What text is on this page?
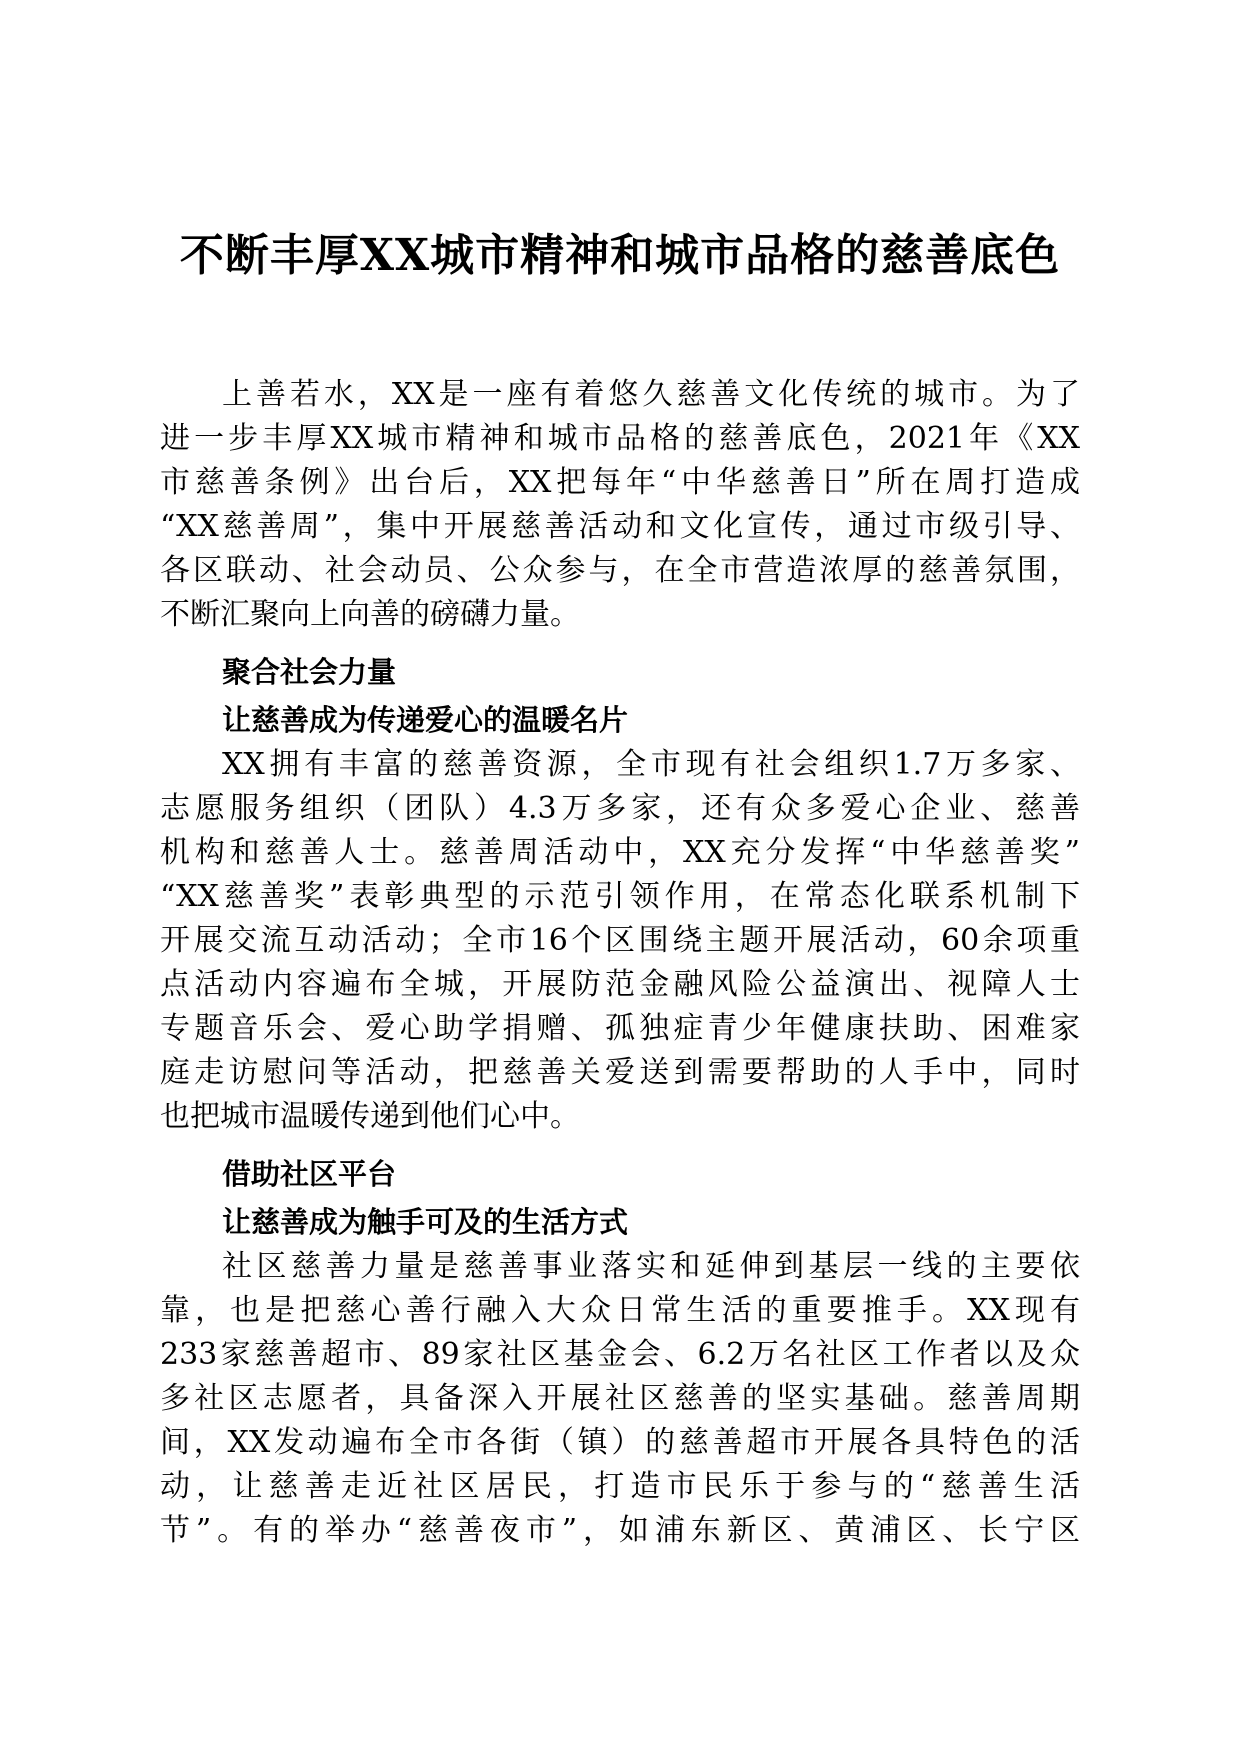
不断丰厚XX城市精神和城市品格的慈善底色
上善若水，XX是一座有着悠久慈善文化传统的城市。为了
进一步丰厚XX城市精神和城市品格的慈善底色，2021年《XX
市慈善条例》出台后，XX把每年“中华慈善日”所在周打造成
“XX慈善周”，集中开展慈善活动和文化宣传，通过市级引导、
各区联动、社会动员、公众参与，在全市营造浓厚的慈善氛围，
不断汇聚向上向善的磅礴力量。
聚合社会力量
让慈善成为传递爱心的温暖名片
XX拥有丰富的慈善资源，全市现有社会组织1.7万多家、
志愿服务组织（团队）4.3万多家，还有众多爱心企业、慈善
机构和慈善人士。慈善周活动中，XX充分发挥“中华慈善奖”
“XX慈善奖”表彰典型的示范引领作用，在常态化联系机制下
开展交流互动活动；全市16个区围绕主题开展活动，60余项重
点活动内容遍布全城，开展防范金融风险公益演出、视障人士
专题音乐会、爱心助学捐赠、孤独症青少年健康扶助、困难家
庭走访慰问等活动，把慈善关爱送到需要帮助的人手中，同时
也把城市温暖传递到他们心中。
借助社区平台
让慈善成为触手可及的生活方式
社区慈善力量是慈善事业落实和延伸到基层一线的主要依
靠，也是把慈心善行融入大众日常生活的重要推手。XX现有
233家慈善超市、89家社区基金会、6.2万名社区工作者以及众
多社区志愿者，具备深入开展社区慈善的坚实基础。慈善周期
间，XX发动遍布全市各街（镇）的慈善超市开展各具特色的活
动，让慈善走近社区居民，打造市民乐于参与的“慈善生活
节”。有的举办“慈善夜市”，如浦东新区、黄浦区、长宁区
